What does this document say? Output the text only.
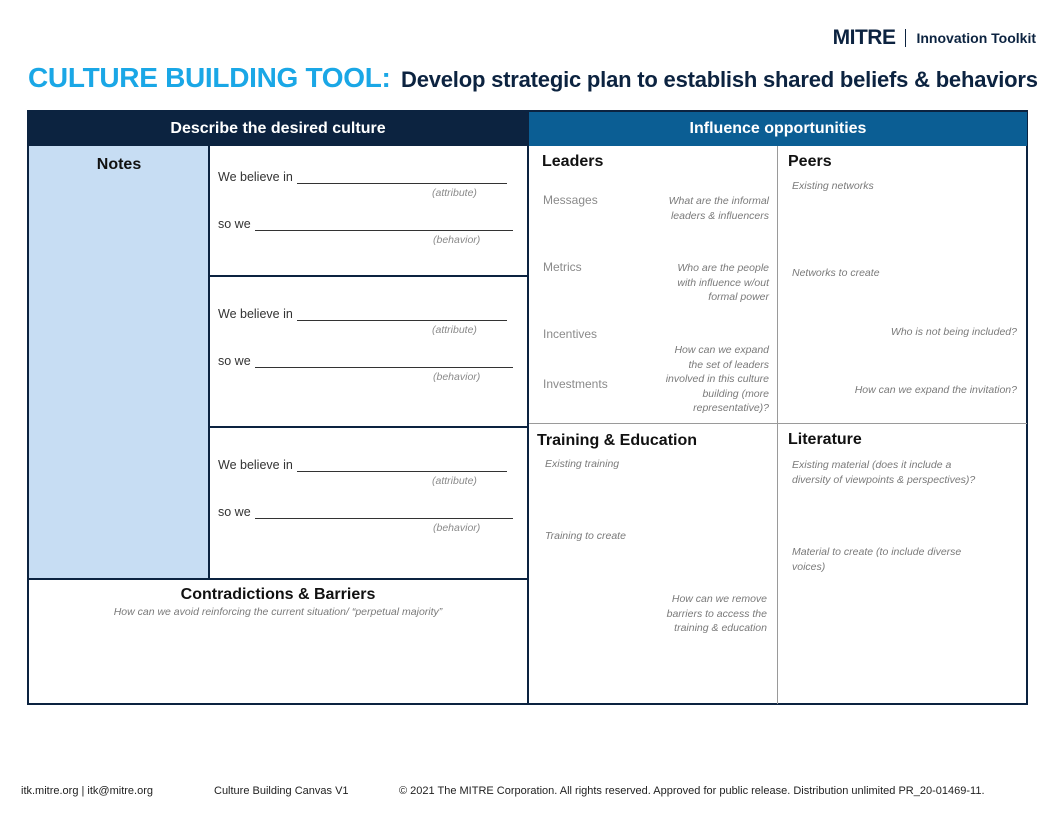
MITRE Innovation Toolkit
CULTURE BUILDING TOOL: Develop strategic plan to establish shared beliefs & behaviors
Describe the desired culture	Influence opportunities
Notes
We believe in
(attribute)
so we
(behavior)
We believe in
(attribute)
so we
(behavior)
We believe in
(attribute)
so we
(behavior)
Contradictions & Barriers
How can we avoid reinforcing the current situation/ “perpetual majority”
Leaders
Messages
Metrics
Incentives
Investments
What are the informal
leaders & influencers
Who are the people
with influence w/out
formal power
How can we expand
the set of leaders
involved in this culture
building (more
representative)?
Peers
Existing networks
Networks to create
Who is not being included?
How can we expand the invitation?
Training & Education
Existing training
Training to create
How can we remove
barriers to access the
training & education
Literature
Existing material (does it include a
diversity of viewpoints & perspectives)?
Material to create (to include diverse
voices)
itk.mitre.org | itk@mitre.org	Culture Building Canvas V1	© 2021 The MITRE Corporation. All rights reserved. Approved for public release. Distribution unlimited PR_20-01469-11.
